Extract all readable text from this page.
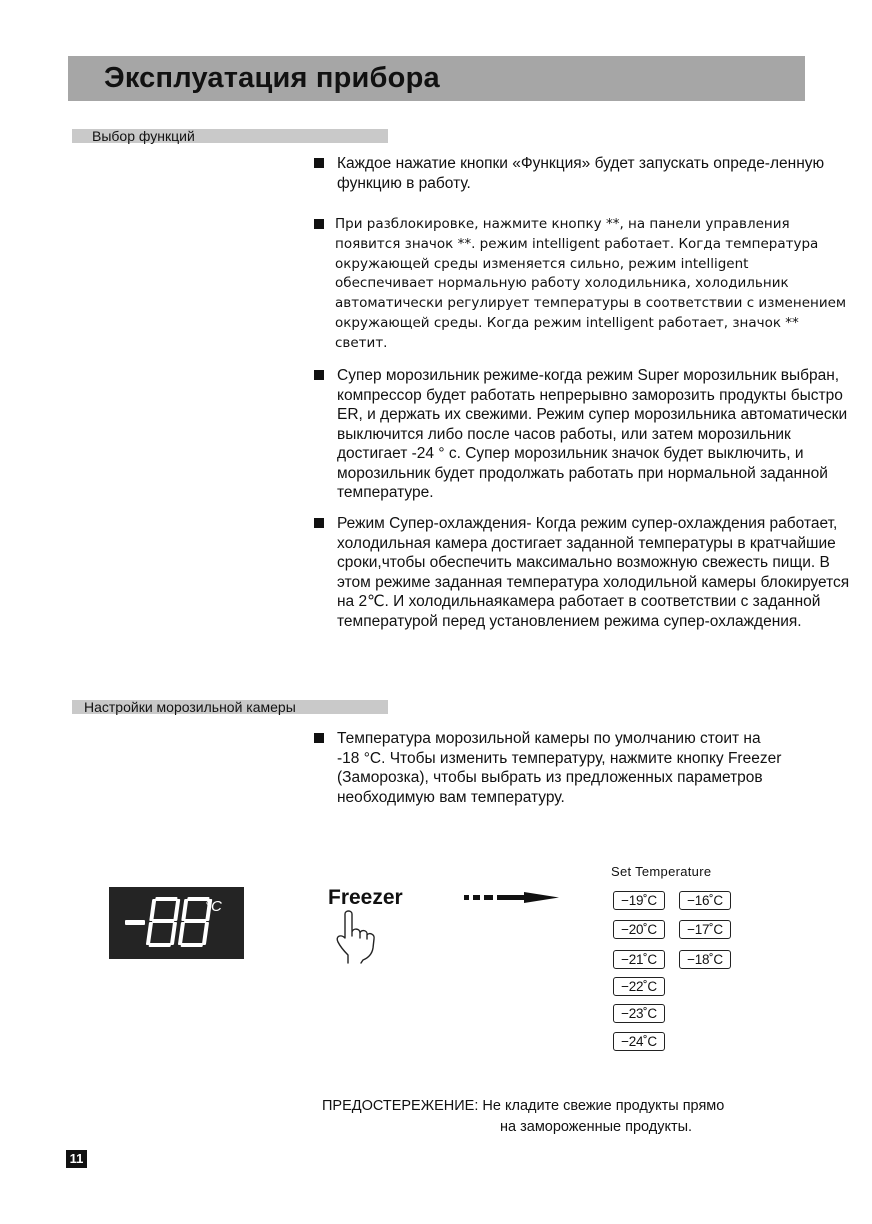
Эксплуатация прибора
Выбор функций
Каждое нажатие кнопки «Функция» будет запускать опреде-ленную функцию в работу.
При разблокировке, нажмите кнопку **, на панели управления появится значок **. режим intelligent работает. Когда температура окружающей среды изменяется сильно, режим intelligent обеспечивает нормальную работу холодильника, холодильник автоматически регулирует температуры в соответствии с изменением окружающей среды. Когда режим intelligent работает, значок ** светит.
Супер морозильник режиме-когда режим Super морозильник выбран, компрессор будет работать непрерывно заморозить продукты быстро ER, и держать их свежими. Режим супер морозильника автоматически выключится либо после часов работы, или затем морозильник достигает -24 ° с. Супер морозильник значок будет выключить, и морозильник будет продолжать работать при нормальной заданной температуре.
Режим Супер-охлаждения- Когда режим супер-охлаждения работает, холодильная камера достигает заданной температуры в кратчайшие сроки,чтобы обеспечить максимально возможную свежесть пищи. В этом режиме заданная температура холодильной камеры блокируется на 2℃. И холодильнаякамера работает в соответствии с заданной температурой перед установлением режима супер-охлаждения.
Настройки морозильной камеры
Температура морозильной камеры по умолчанию стоит на -18 °C. Чтобы изменить температуру, нажмите кнопку Freezer (Заморозка), чтобы выбрать из предложенных параметров необходимую вам температуру.
°C
-88
Freezer
Set Temperature
−19˚C
−20˚C
−21˚C
−22˚C
−23˚C
−24˚C
−16˚C
−17˚C
−18˚C
ПРЕДОСТЕРЕЖЕНИЕ: Не кладите свежие продукты прямо
на замороженные продукты.
11
